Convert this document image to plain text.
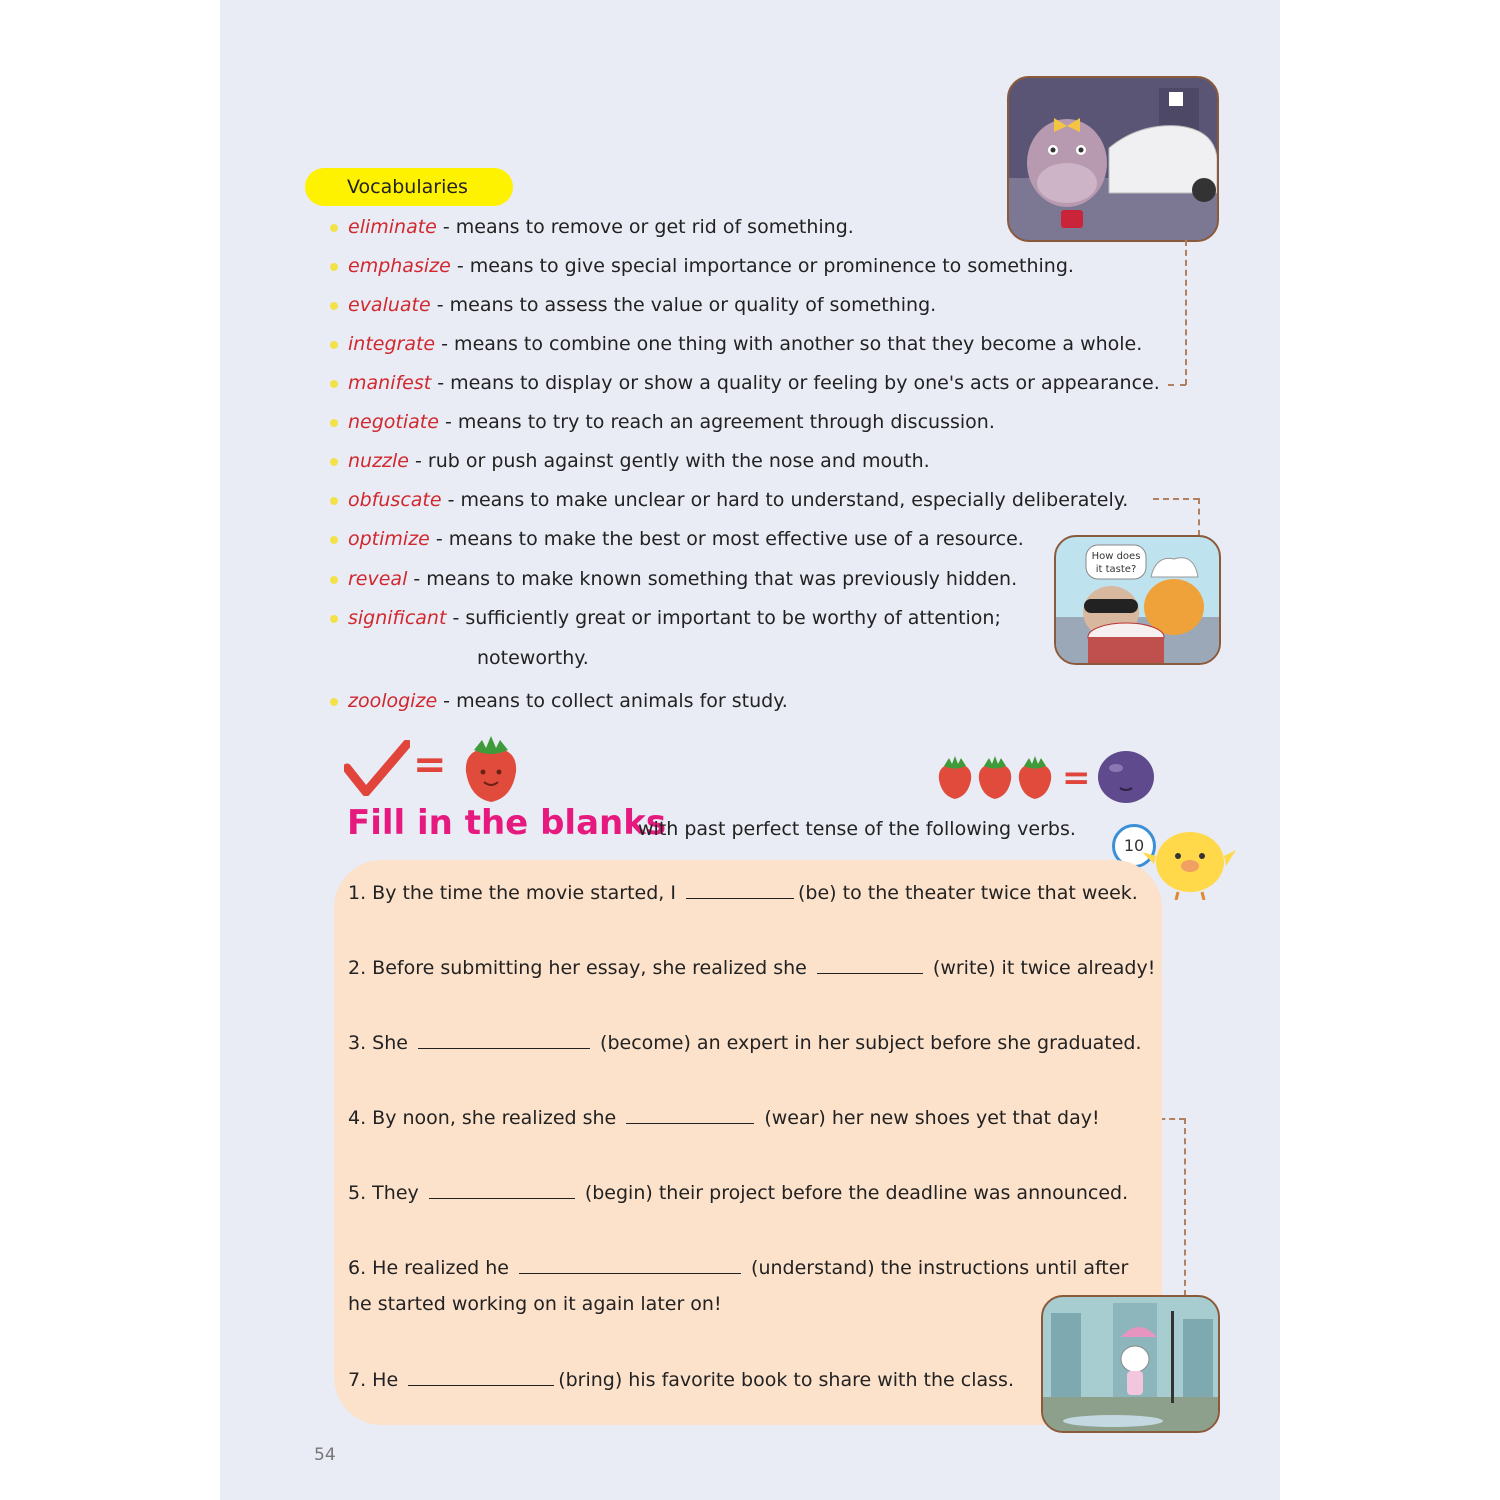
Vocabularies
eliminate - means to remove or get rid of something.
emphasize - means to give special importance or prominence to something.
evaluate - means to assess the value or quality of something.
integrate - means to combine one thing with another so that they become a whole.
manifest - means to display or show a quality or feeling by one's acts or appearance.
negotiate - means to try to reach an agreement through discussion.
nuzzle - rub or push against gently with the nose and mouth.
obfuscate - means to make unclear or hard to understand, especially deliberately.
optimize - means to make the best or most effective use of a resource.
reveal - means to make known something that was previously hidden.
significant - sufficiently great or important to be worthy of attention;
zoologize - means to collect animals for study.
noteworthy.
How does
it taste?
=	=
Fill in the blanks
with past perfect tense of the following verbs.
10
1. By the time the movie started, I	(be) to the theater twice that week.
2. Before submitting her essay, she realized she	(write) it twice already!
3. She	(become) an expert in her subject before she graduated.
4. By noon, she realized she	(wear) her new shoes yet that day!
5. They	(begin) their project before the deadline was announced.
6. He realized he	(understand) the instructions until after
7. He	(bring) his favorite book to share with the class.
he started working on it again later on!
54
